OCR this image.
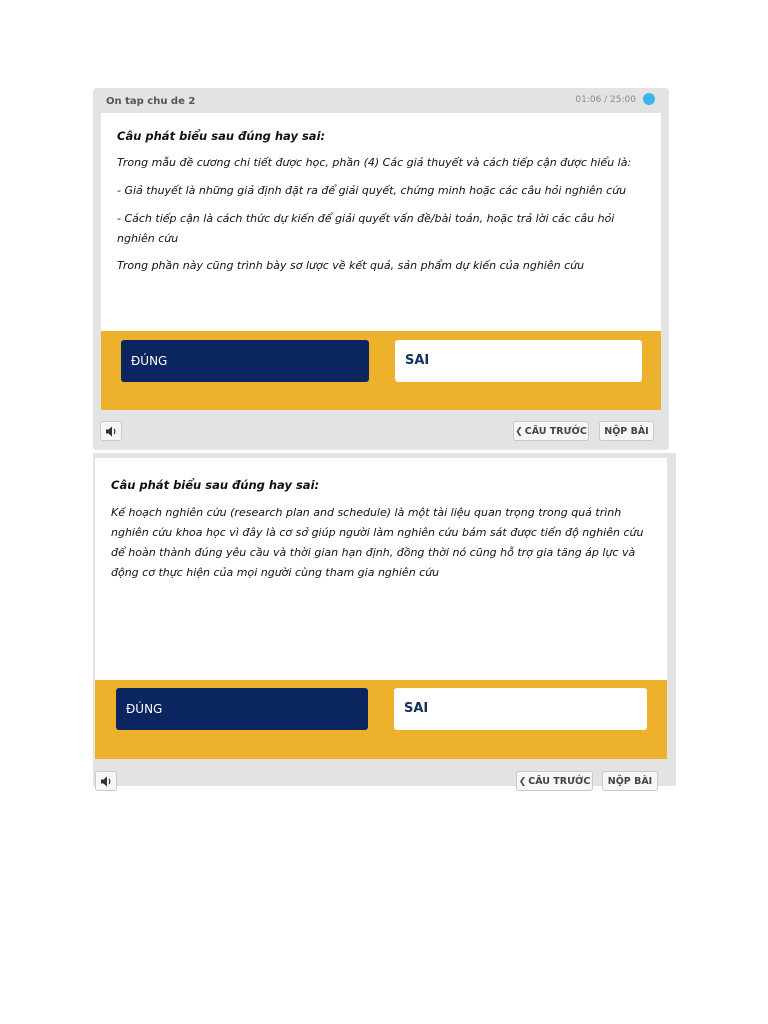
On tap chu de 2	01:06 / 25:00
Câu phát biểu sau đúng hay sai:

Trong mẫu đề cương chi tiết được học, phần (4) Các giả thuyết và cách tiếp cận được hiểu là:

- Giả thuyết là những giả định đặt ra để giải quyết, chứng minh hoặc các câu hỏi nghiên cứu

- Cách tiếp cận là cách thức dự kiến để giải quyết vấn đề/bài toán, hoặc trả lời các câu hỏi nghiên cứu

Trong phần này cũng trình bày sơ lược về kết quả, sản phẩm dự kiến của nghiên cứu

ĐÚNG	SAI
❮ CÂU TRƯỚC	NỘP BÀI
Câu phát biểu sau đúng hay sai:

Kế hoạch nghiên cứu (research plan and schedule) là một tài liệu quan trọng trong quá trình nghiên cứu khoa học vì đây là cơ sở giúp người làm nghiên cứu bám sát được tiến độ nghiên cứu để hoàn thành đúng yêu cầu và thời gian hạn định, đồng thời nó cũng hỗ trợ gia tăng áp lực và động cơ thực hiện của mọi người cùng tham gia nghiên cứu

ĐÚNG	SAI
❮ CÂU TRƯỚC	NỘP BÀI
